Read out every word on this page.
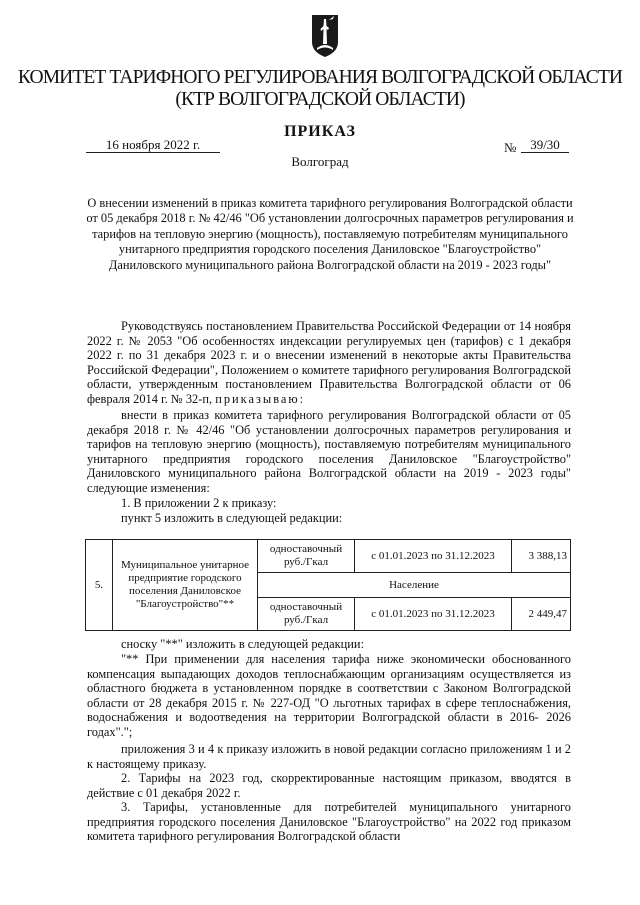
КОМИТЕТ ТАРИФНОГО РЕГУЛИРОВАНИЯ ВОЛГОГРАДСКОЙ ОБЛАСТИ
(КТР ВОЛГОГРАДСКОЙ ОБЛАСТИ)
ПРИКАЗ
16 ноября 2022 г.	№	39/30
Волгоград
О внесении изменений в приказ комитета тарифного регулирования Волгоградской области от 05 декабря 2018 г. № 42/46 "Об установлении долгосрочных параметров регулирования и тарифов на тепловую энергию (мощность), поставляемую потребителям муниципального унитарного предприятия городского поселения Даниловское "Благоустройство" Даниловского муниципального района Волгоградской области на 2019 - 2023 годы"
Руководствуясь постановлением Правительства Российской Федерации от 14 ноября 2022 г. № 2053 "Об особенностях индексации регулируемых цен (тарифов) с 1 декабря 2022 г. по 31 декабря 2023 г. и о внесении изменений в некоторые акты Правительства Российской Федерации", Положением о комитете тарифного регулирования Волгоградской области, утвержденным постановлением Правительства Волгоградской области от 06 февраля 2014 г. № 32-п, приказываю:
внести в приказ комитета тарифного регулирования Волгоградской области от 05 декабря 2018 г. № 42/46 "Об установлении долгосрочных параметров регулирования и тарифов на тепловую энергию (мощность), поставляемую потребителям муниципального унитарного предприятия городского поселения Даниловское "Благоустройство" Даниловского муниципального района Волгоградской области на 2019 - 2023 годы" следующие изменения:
1. В приложении 2 к приказу:
пункт 5 изложить в следующей редакции:
5.	Муниципальное унитарное предприятие городского поселения Даниловское "Благоустройство"**	одноставочный руб./Гкал	с 01.01.2023 по 31.12.2023	3 388,13
		Население		
		одноставочный руб./Гкал	с 01.01.2023 по 31.12.2023	2 449,47
сноску "**" изложить в следующей редакции:
"** При применении для населения тарифа ниже экономически обоснованного компенсация выпадающих доходов теплоснабжающим организациям осуществляется из областного бюджета в установленном порядке в соответствии с Законом Волгоградской области от 28 декабря 2015 г. № 227-ОД "О льготных тарифах в сфере теплоснабжения, водоснабжения и водоотведения на территории Волгоградской области в 2016- 2026 годах".";
приложения 3 и 4 к приказу изложить в новой редакции согласно приложениям 1 и 2 к настоящему приказу.
2. Тарифы на 2023 год, скорректированные настоящим приказом, вводятся в действие с 01 декабря 2022 г.
3. Тарифы, установленные для потребителей муниципального унитарного предприятия городского поселения Даниловское "Благоустройство" на 2022 год приказом комитета тарифного регулирования Волгоградской области
